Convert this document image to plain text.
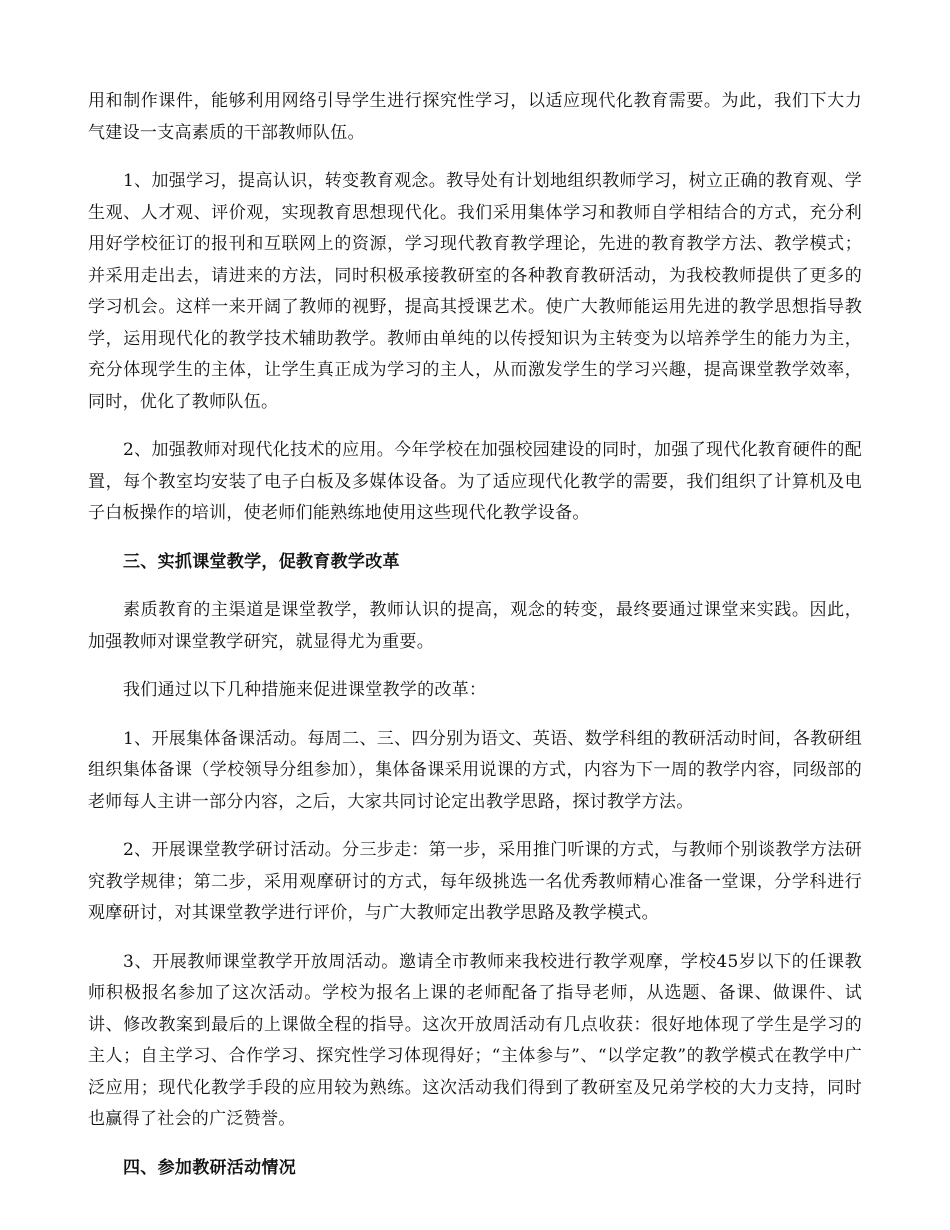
用和制作课件，能够利用网络引导学生进行探究性学习，以适应现代化教育需要。为此，我们下大力气建设一支高素质的干部教师队伍。

1、加强学习，提高认识，转变教育观念。教导处有计划地组织教师学习，树立正确的教育观、学生观、人才观、评价观，实现教育思想现代化。我们采用集体学习和教师自学相结合的方式，充分利用好学校征订的报刊和互联网上的资源，学习现代教育教学理论，先进的教育教学方法、教学模式；并采用走出去，请进来的方法，同时积极承接教研室的各种教育教研活动，为我校教师提供了更多的学习机会。这样一来开阔了教师的视野，提高其授课艺术。使广大教师能运用先进的教学思想指导教学，运用现代化的教学技术辅助教学。教师由单纯的以传授知识为主转变为以培养学生的能力为主，充分体现学生的主体，让学生真正成为学习的主人，从而激发学生的学习兴趣，提高课堂教学效率，同时，优化了教师队伍。

2、加强教师对现代化技术的应用。今年学校在加强校园建设的同时，加强了现代化教育硬件的配置，每个教室均安装了电子白板及多媒体设备。为了适应现代化教学的需要，我们组织了计算机及电子白板操作的培训，使老师们能熟练地使用这些现代化教学设备。

三、实抓课堂教学，促教育教学改革

素质教育的主渠道是课堂教学，教师认识的提高，观念的转变，最终要通过课堂来实践。因此，加强教师对课堂教学研究，就显得尤为重要。

我们通过以下几种措施来促进课堂教学的改革：

1、开展集体备课活动。每周二、三、四分别为语文、英语、数学科组的教研活动时间，各教研组组织集体备课（学校领导分组参加），集体备课采用说课的方式，内容为下一周的教学内容，同级部的老师每人主讲一部分内容，之后，大家共同讨论定出教学思路，探讨教学方法。

2、开展课堂教学研讨活动。分三步走：第一步，采用推门听课的方式，与教师个别谈教学方法研究教学规律；第二步，采用观摩研讨的方式，每年级挑选一名优秀教师精心准备一堂课，分学科进行观摩研讨，对其课堂教学进行评价，与广大教师定出教学思路及教学模式。

3、开展教师课堂教学开放周活动。邀请全市教师来我校进行教学观摩，学校45岁以下的任课教师积极报名参加了这次活动。学校为报名上课的老师配备了指导老师，从选题、备课、做课件、试讲、修改教案到最后的上课做全程的指导。这次开放周活动有几点收获：很好地体现了学生是学习的主人；自主学习、合作学习、探究性学习体现得好；“主体参与”、“以学定教”的教学模式在教学中广泛应用；现代化教学手段的应用较为熟练。这次活动我们得到了教研室及兄弟学校的大力支持，同时也赢得了社会的广泛赞誉。

四、参加教研活动情况
